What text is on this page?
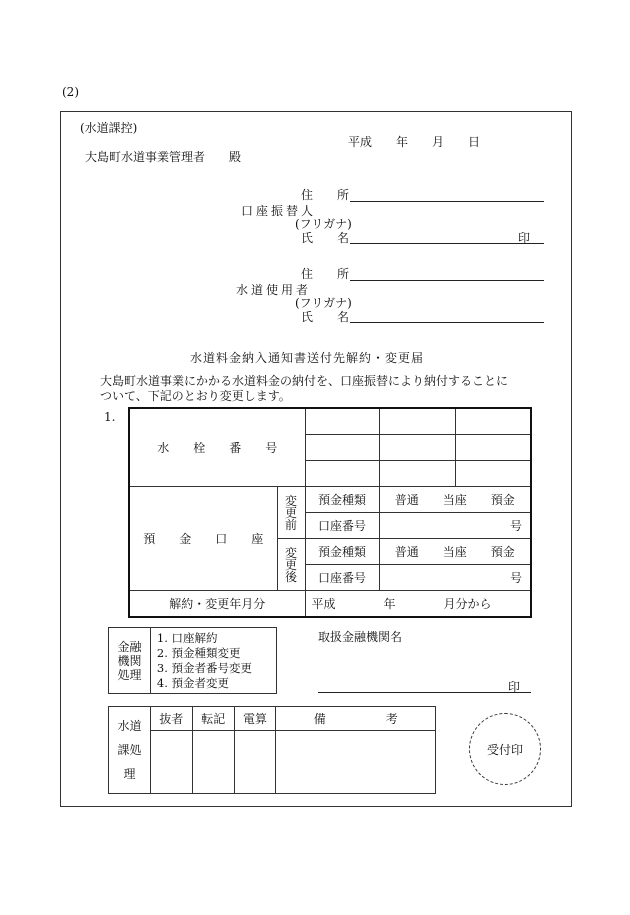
(2)
(水道課控)
平成　　年　　月　　日
大島町水道事業管理者　　殿
住　　所
口座振替人
(フリガナ)
氏　　名	印
住　　所
水道使用者
(フリガナ)
氏　　名
水道料金納入通知書送付先解約・変更届
大島町水道事業にかかる水道料金の納付を、口座振替により納付することに
ついて、下記のとおり変更します。
1.
水　　栓　　番　　号				

預　　金　　口　　座	変更前	預金種類	普通　　当座　　預金	
		口座番号	号	

	変更後	預金種類	普通　　当座　　預金	
		口座番号	号	
解約・変更年月分		平成　　　　年　　　　月分から		
金融機関処理

1. 口座解約
2. 預金種類変更
3. 預金者番号変更
4. 預金者変更
取扱金融機関名
印
水道課処理	抜者	転記	電算	備　　　　　考

受付印
